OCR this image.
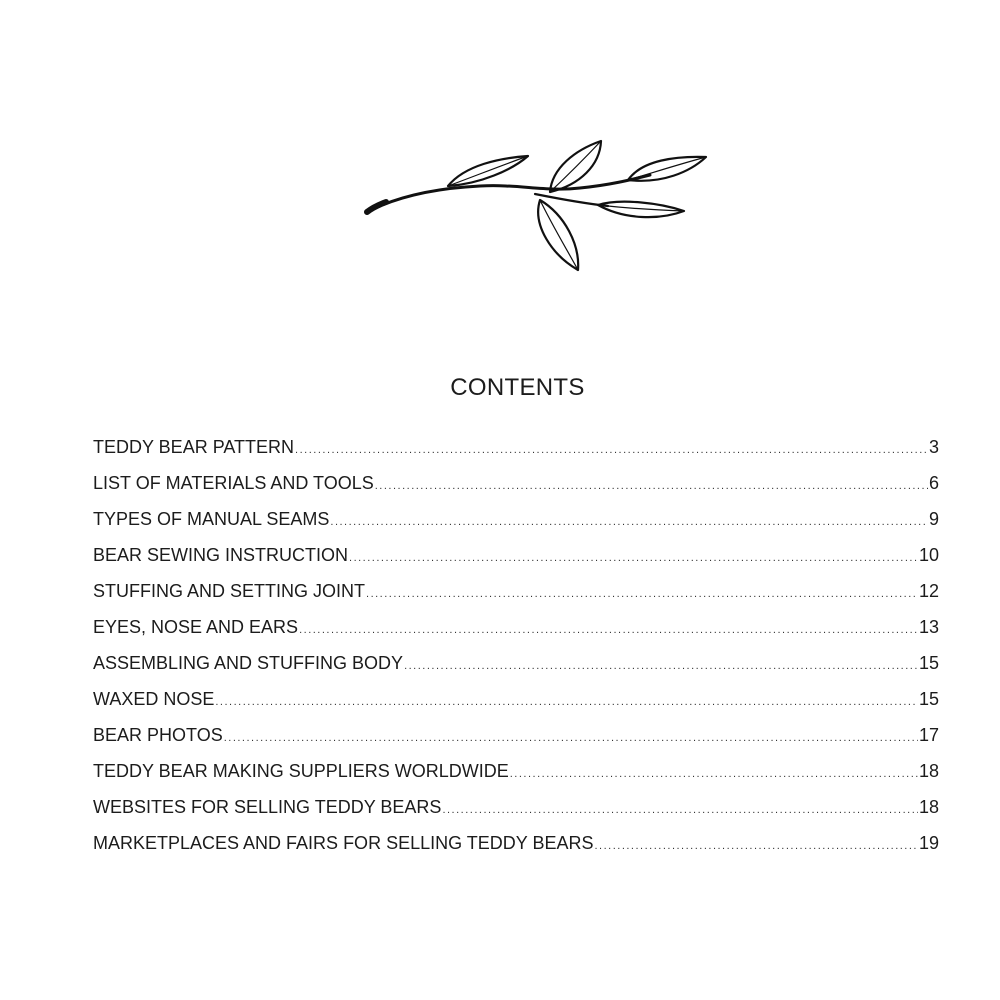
CONTENTS
TEDDY BEAR PATTERN .....	3
LIST OF MATERIALS AND TOOLS .....	6
TYPES OF MANUAL SEAMS .....	9
BEAR SEWING INSTRUCTION .....	10
STUFFING AND SETTING JOINT .....	12
EYES, NOSE AND EARS .....	13
ASSEMBLING AND STUFFING BODY .....	15
WAXED NOSE .....	15
BEAR PHOTOS .....	17
TEDDY BEAR MAKING SUPPLIERS WORLDWIDE .....	18
WEBSITES FOR SELLING TEDDY BEARS .....	18
MARKETPLACES AND FAIRS FOR SELLING TEDDY BEARS .....	19
